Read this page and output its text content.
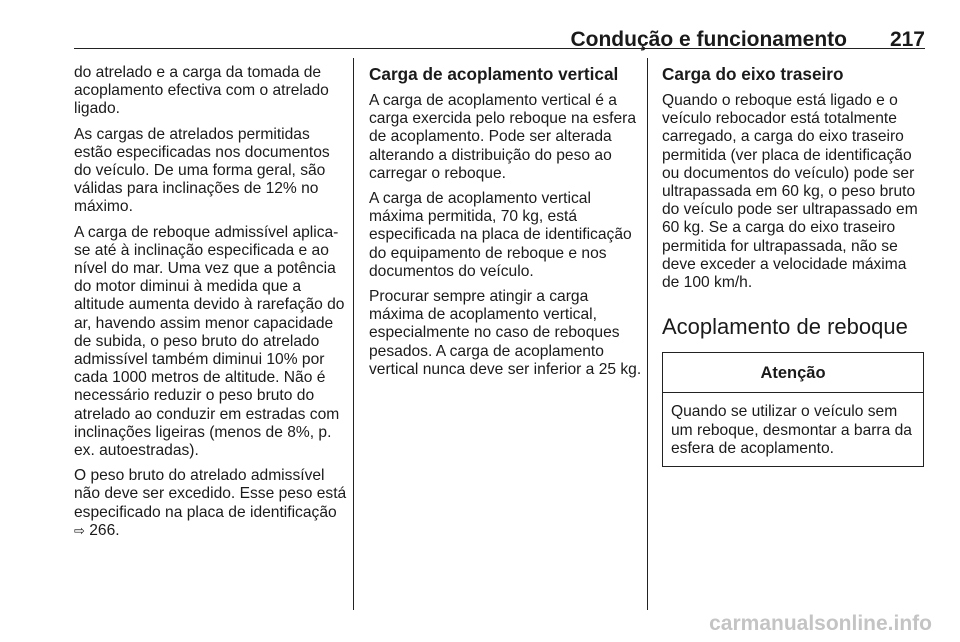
Condução e funcionamento 217

do atrelado e a carga da tomada de acoplamento efectiva com o atrelado ligado.

As cargas de atrelados permitidas estão especificadas nos documentos do veículo. De uma forma geral, são válidas para inclinações de 12% no máximo.

A carga de reboque admissível aplica-se até à inclinação especificada e ao nível do mar. Uma vez que a potência do motor diminui à medida que a altitude aumenta devido à rarefação do ar, havendo assim menor capacidade de subida, o peso bruto do atrelado admissível também diminui 10% por cada 1000 metros de altitude. Não é necessário reduzir o peso bruto do atrelado ao conduzir em estradas com inclinações ligeiras (menos de 8%, p. ex. autoestradas).

O peso bruto do atrelado admissível não deve ser excedido. Esse peso está especificado na placa de identificação ⇨ 266.

Carga de acoplamento vertical

A carga de acoplamento vertical é a carga exercida pelo reboque na esfera de acoplamento. Pode ser alterada alterando a distribuição do peso ao carregar o reboque.

A carga de acoplamento vertical máxima permitida, 70 kg, está especificada na placa de identificação do equipamento de reboque e nos documentos do veículo.

Procurar sempre atingir a carga máxima de acoplamento vertical, especialmente no caso de reboques pesados. A carga de acoplamento vertical nunca deve ser inferior a 25 kg.

Carga do eixo traseiro

Quando o reboque está ligado e o veículo rebocador está totalmente carregado, a carga do eixo traseiro permitida (ver placa de identificação ou documentos do veículo) pode ser ultrapassada em 60 kg, o peso bruto do veículo pode ser ultrapassado em 60 kg. Se a carga do eixo traseiro permitida for ultrapassada, não se deve exceder a velocidade máxima de 100 km/h.

Acoplamento de reboque
Atenção
Quando se utilizar o veículo sem um reboque, desmontar a barra da esfera de acoplamento.
carmanualsonline.info
